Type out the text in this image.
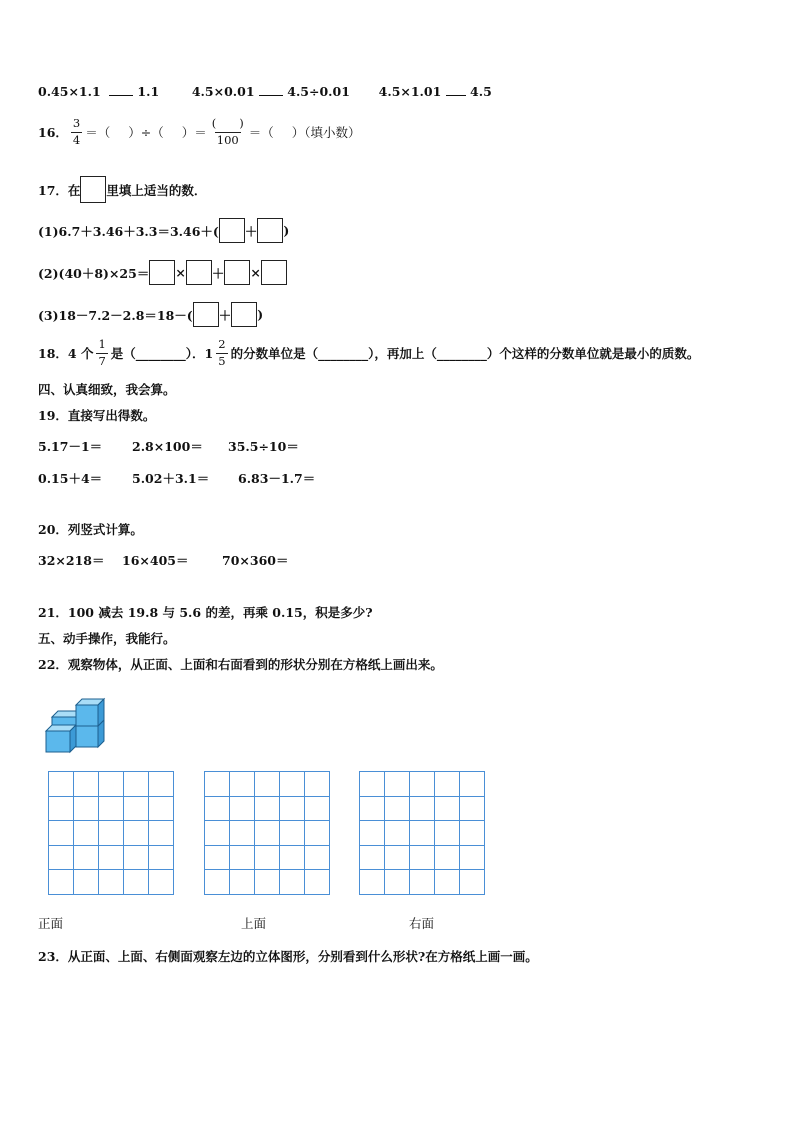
0.45×1.1	1.1	4.5×0.01	4.5÷0.01 4.5×1.01 4.5
16． $\frac{3}{4}$ ＝（ ）÷（ ）＝ $\frac{( )}{100}$ ＝（ ）（填小数）
17． 在 里填上适当的数．
(1)6.7＋3.46＋3.3＝3.46＋( ＋ )
(2)(40＋8)×25＝ × ＋ ×
(3)18－7.2－2.8＝18－( ＋ )
18． 4 个 $\frac{1}{7}$ 是（________）．$1 \frac{2}{5}$ 的分数单位是（________），再加上（________）个这样的分数单位就是最小的质数。
四、认真细致，我会算。
19．直接写出得数。
5.17－1＝ 2.8×100＝ 35.5÷10＝
0.15＋4＝ 5.02＋3.1＝ 6.83－1.7＝
20．列竖式计算。
32×218＝ 16×405＝	70×360＝
21．100 减去 19.8 与 5.6 的差，再乘 0.15，积是多少?
五、动手操作，我能行。
22．观察物体，从正面、上面和右面看到的形状分别在方格纸上画出来。

正面	上面	右面
23．从正面、上面、右侧面观察左边的立体图形，分别看到什么形状?在方格纸上画一画。
